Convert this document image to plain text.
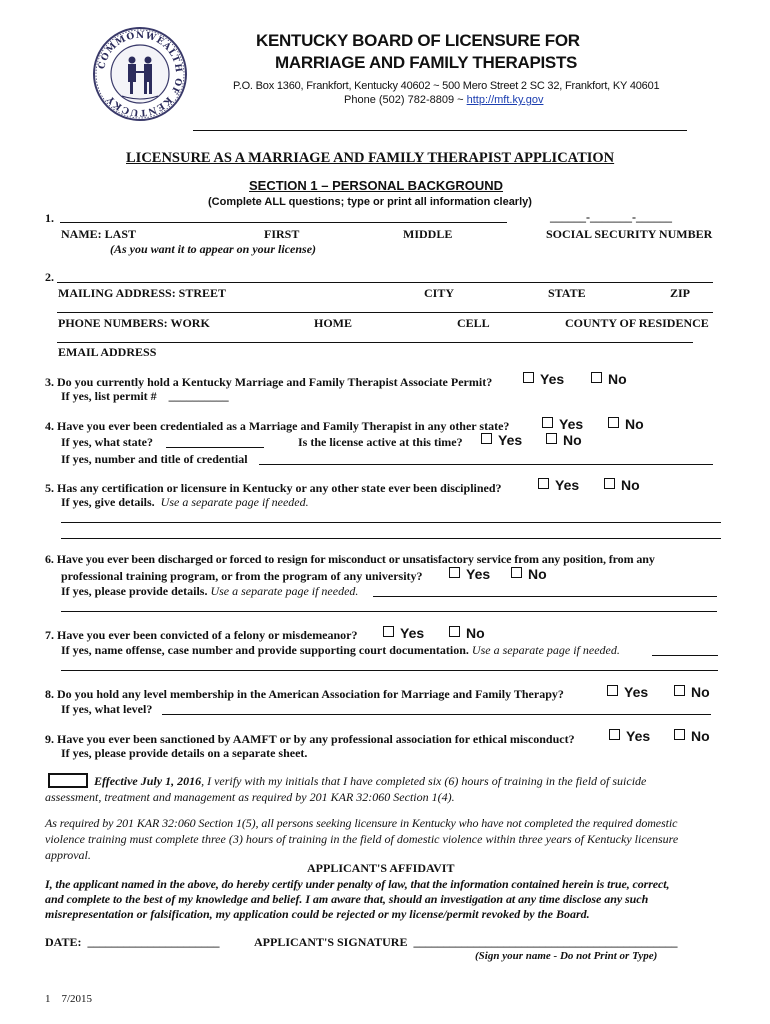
COMMONWEALTH OF KENTUCKY
KENTUCKY BOARD OF LICENSURE FOR
MARRIAGE AND FAMILY THERAPISTS
P.O. Box 1360, Frankfort, Kentucky 40602 ~ 500 Mero Street 2 SC 32, Frankfort, KY 40601
Phone (502) 782-8809 ~ http://mft.ky.gov
LICENSURE AS A MARRIAGE AND FAMILY THERAPIST APPLICATION
SECTION 1 – PERSONAL BACKGROUND
(Complete ALL questions; type or print all information clearly)
1.	______-_______-______
NAME: LAST	FIRST	MIDDLE	SOCIAL SECURITY NUMBER
(As you want it to appear on your license)
2.
MAILING ADDRESS: STREET	CITY	STATE	ZIP
PHONE NUMBERS: WORK	HOME	CELL	COUNTY OF RESIDENCE
EMAIL ADDRESS
3. Do you currently hold a Kentucky Marriage and Family Therapist Associate Permit?	Yes	No
If yes, list permit # __________
4. Have you ever been credentialed as a Marriage and Family Therapist in any other state?	Yes	No
If yes, what state?	Is the license active at this time?	Yes	No
If yes, number and title of credential
5. Has any certification or licensure in Kentucky or any other state ever been disciplined?	Yes	No
If yes, give details. Use a separate page if needed.
6. Have you ever been discharged or forced to resign for misconduct or unsatisfactory service from any position, from any
professional training program, or from the program of any university?	Yes	No
If yes, please provide details. Use a separate page if needed.
7. Have you ever been convicted of a felony or misdemeanor?	Yes	No
If yes, name offense, case number and provide supporting court documentation. Use a separate page if needed.
8. Do you hold any level membership in the American Association for Marriage and Family Therapy?	Yes	No
If yes, what level?
9. Have you ever been sanctioned by AAMFT or by any professional association for ethical misconduct?	Yes	No
If yes, please provide details on a separate sheet.
Effective July 1, 2016, I verify with my initials that I have completed six (6) hours of training in the field of suicide
assessment, treatment and management as required by 201 KAR 32:060 Section 1(4).
As required by 201 KAR 32:060 Section 1(5), all persons seeking licensure in Kentucky who have not completed the required domestic
violence training must complete three (3) hours of training in the field of domestic violence within three years of Kentucky licensure
approval.
APPLICANT'S AFFIDAVIT
I, the applicant named in the above, do hereby certify under penalty of law, that the information contained herein is true, correct,
and complete to the best of my knowledge and belief. I am aware that, should an investigation at any time disclose any such
misrepresentation or falsification, my application could be rejected or my license/permit revoked by the Board.
DATE: ______________________	APPLICANT'S SIGNATURE ____________________________________________
(Sign your name - Do not Print or Type)
1 7/2015
